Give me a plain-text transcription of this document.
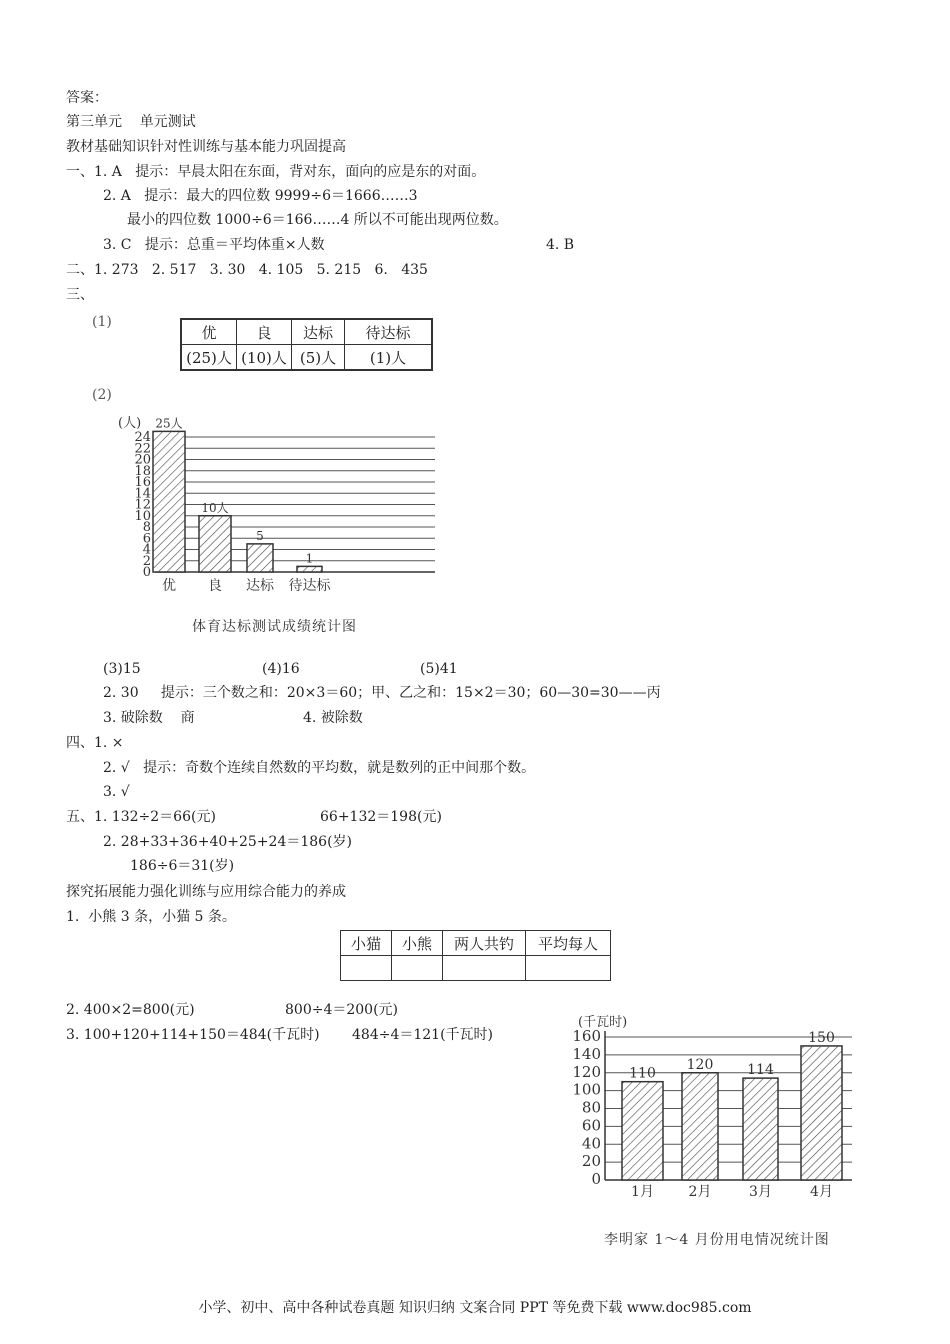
答案：
第三单元    单元测试
教材基础知识针对性训练与基本能力巩固提高
一、1. A   提示：早晨太阳在东面，背对东，面向的应是东的对面。
2. A   提示：最大的四位数 9999÷6＝1666……3
最小的四位数 1000÷6＝166……4 所以不可能出现两位数。
3. C   提示：总重＝平均体重×人数	4. B
二、1. 273   2. 517   3. 30   4. 105   5. 215   6.   435
三、
(1)
优	良	达标	待达标
(25)人	(10)人	(5)人	(1)人
(2)
0
2
4
6
8
10
12
14
16
18
20
22
24
(人) 25人
优
10人
良
5
达标
1
待达标
0
20
40
60
80
100
120
140
160
(千瓦时)
110
1月
120
2月
114
3月
150
4月
体育达标测试成绩统计图
李明家 1～4 月份用电情况统计图
(3)15	(4)16	(5)41
2. 30     提示：三个数之和：20×3＝60；甲、乙之和：15×2＝30；60—30=30——丙
3. 破除数    商	4. 被除数
四、1. ×
2. √   提示：奇数个连续自然数的平均数，就是数列的正中间那个数。
3. √
五、1. 132÷2＝66(元)	66+132＝198(元)
2. 28+33+36+40+25+24＝186(岁)
186÷6＝31(岁)
探究拓展能力强化训练与应用综合能力的养成
1.  小熊 3 条，小猫 5 条。
小猫	小熊	两人共钓	平均每人

2. 400×2=800(元)	800÷4＝200(元)
3. 100+120+114+150＝484(千瓦时) 484÷4＝121(千瓦时)
小学、初中、高中各种试卷真题 知识归纳 文案合同 PPT 等免费下载 www.doc985.com
